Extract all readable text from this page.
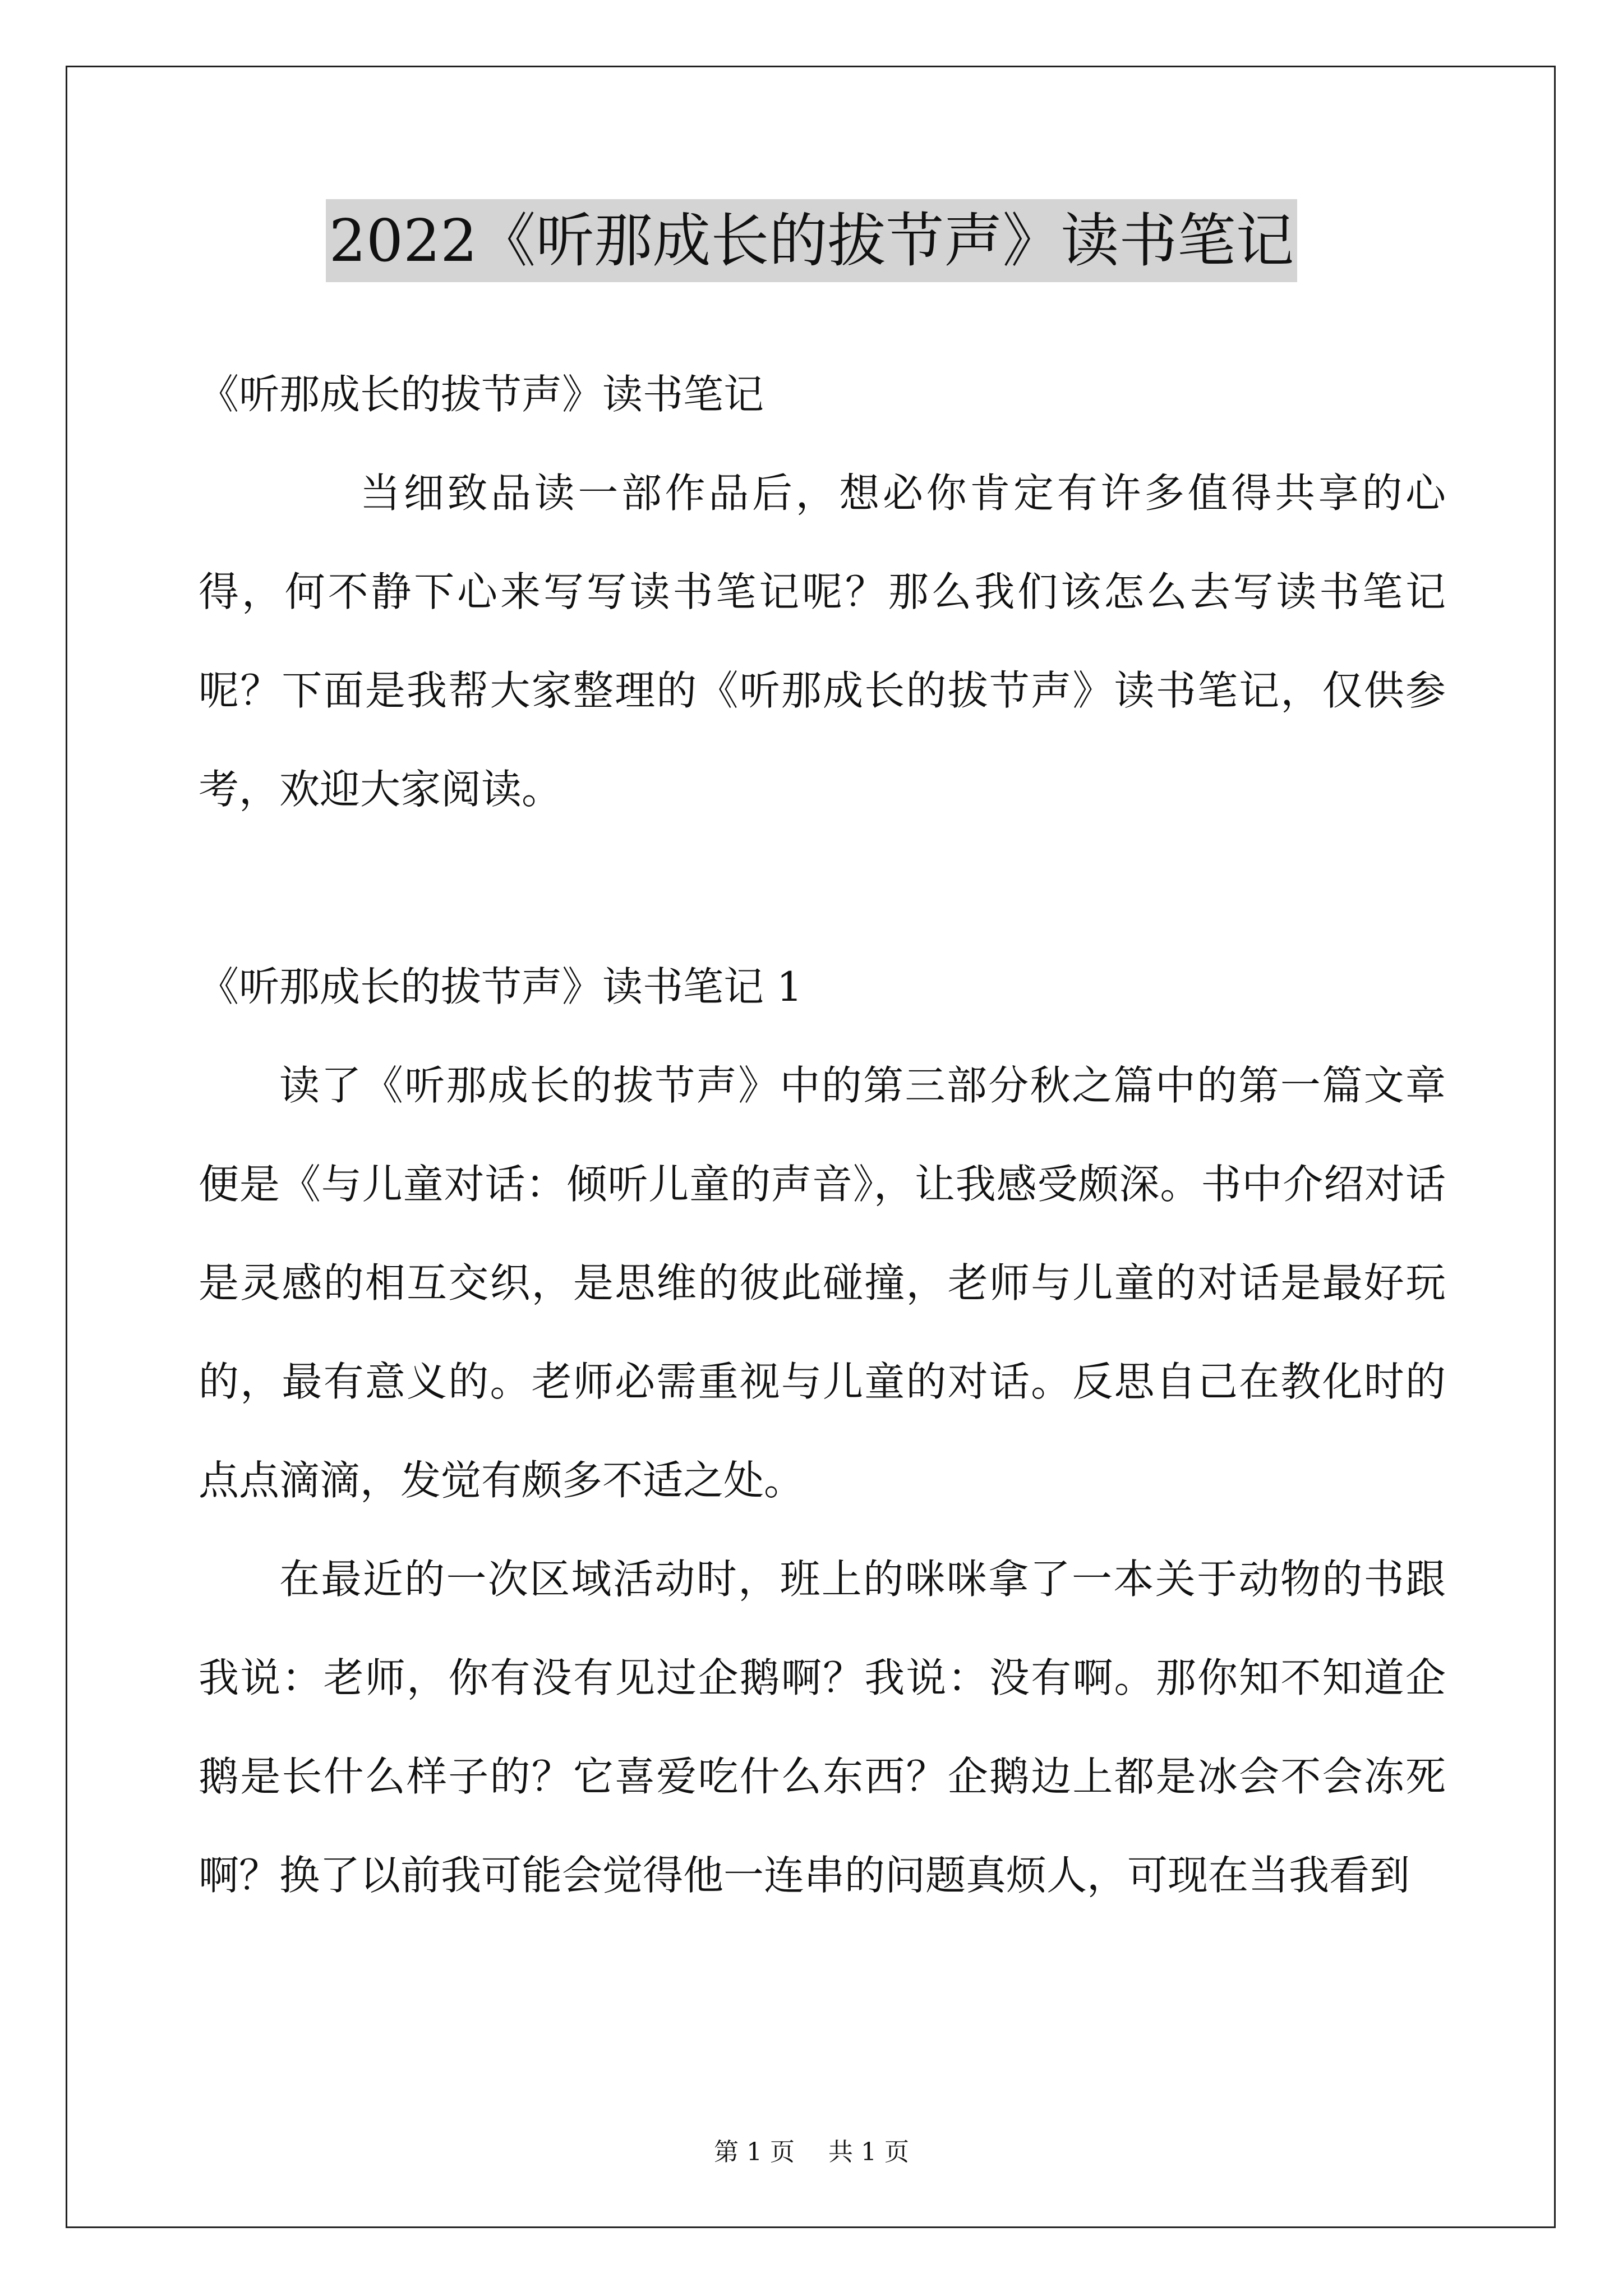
2022《听那成长的拔节声》读书笔记

《听那成长的拔节声》读书笔记

当细致品读一部作品后，想必你肯定有许多值得共享的心得，何不静下心来写写读书笔记呢？那么我们该怎么去写读书笔记呢？下面是我帮大家整理的《听那成长的拔节声》读书笔记，仅供参考，欢迎大家阅读。

《听那成长的拔节声》读书笔记 1

读了《听那成长的拔节声》中的第三部分秋之篇中的第一篇文章便是《与儿童对话：倾听儿童的声音》，让我感受颇深。书中介绍对话是灵感的相互交织，是思维的彼此碰撞，老师与儿童的对话是最好玩的，最有意义的。老师必需重视与儿童的对话。反思自己在教化时的点点滴滴，发觉有颇多不适之处。

在最近的一次区域活动时，班上的咪咪拿了一本关于动物的书跟我说：老师，你有没有见过企鹅啊？我说：没有啊。那你知不知道企鹅是长什么样子的？它喜爱吃什么东西？企鹅边上都是冰会不会冻死啊？换了以前我可能会觉得他一连串的问题真烦人，可现在当我看到

第 1 页 共 1 页
